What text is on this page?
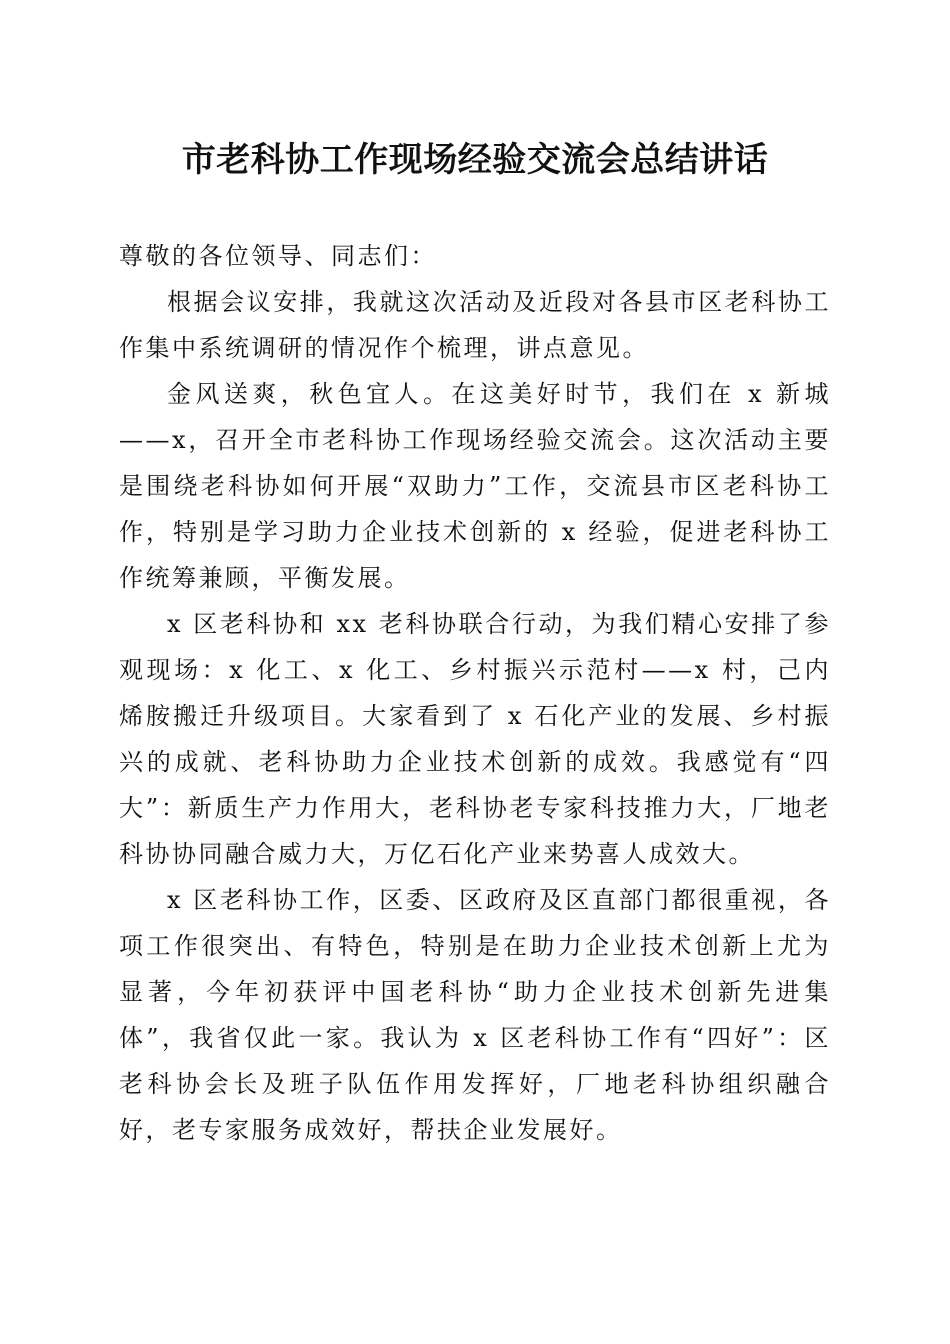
市老科协工作现场经验交流会总结讲话

尊敬的各位领导、同志们：

根据会议安排，我就这次活动及近段对各县市区老科协工作集中系统调研的情况作个梳理，讲点意见。

金风送爽，秋色宜人。在这美好时节，我们在 x 新城——x，召开全市老科协工作现场经验交流会。这次活动主要是围绕老科协如何开展“双助力”工作，交流县市区老科协工作，特别是学习助力企业技术创新的 x 经验，促进老科协工作统筹兼顾，平衡发展。

x 区老科协和 xx 老科协联合行动，为我们精心安排了参观现场：x 化工、x 化工、乡村振兴示范村——x 村，己内烯胺搬迁升级项目。大家看到了 x 石化产业的发展、乡村振兴的成就、老科协助力企业技术创新的成效。我感觉有“四大”：新质生产力作用大，老科协老专家科技推力大，厂地老科协协同融合威力大，万亿石化产业来势喜人成效大。

x 区老科协工作，区委、区政府及区直部门都很重视，各项工作很突出、有特色，特别是在助力企业技术创新上尤为显著，今年初获评中国老科协“助力企业技术创新先进集体”，我省仅此一家。我认为 x 区老科协工作有“四好”：区老科协会长及班子队伍作用发挥好，厂地老科协组织融合好，老专家服务成效好，帮扶企业发展好。
